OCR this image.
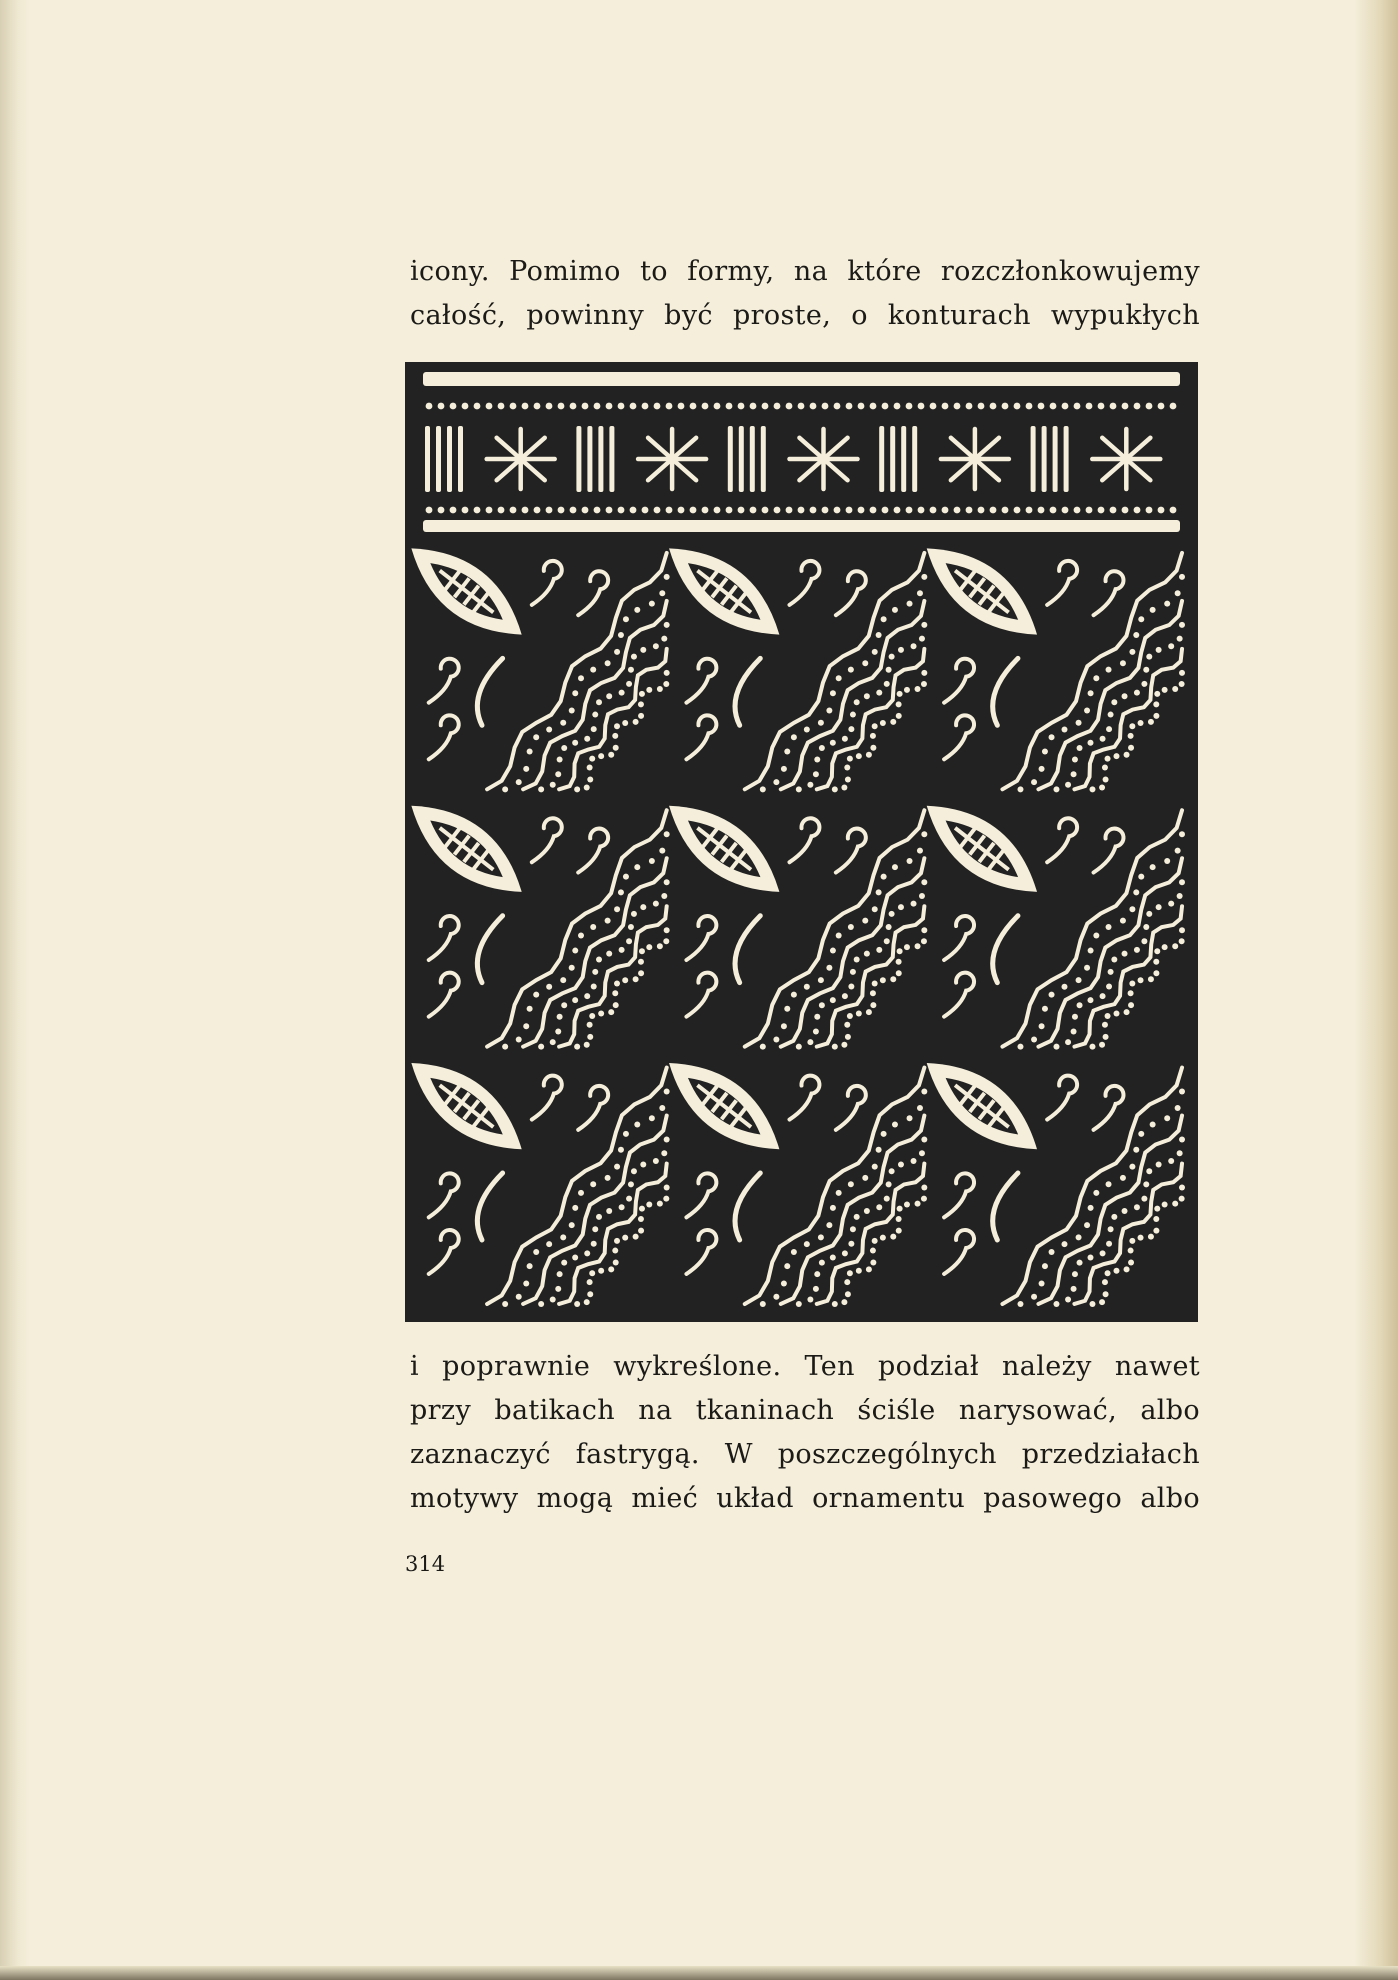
icony. Pomimo to formy, na które rozczłonkowujemy
całość, powinny być proste, o konturach wypukłych
i poprawnie wykreślone. Ten podział należy nawet
przy batikach na tkaninach ściśle narysować, albo
zaznaczyć fastrygą. W poszczególnych przedziałach
motywy mogą mieć układ ornamentu pasowego albo
314
